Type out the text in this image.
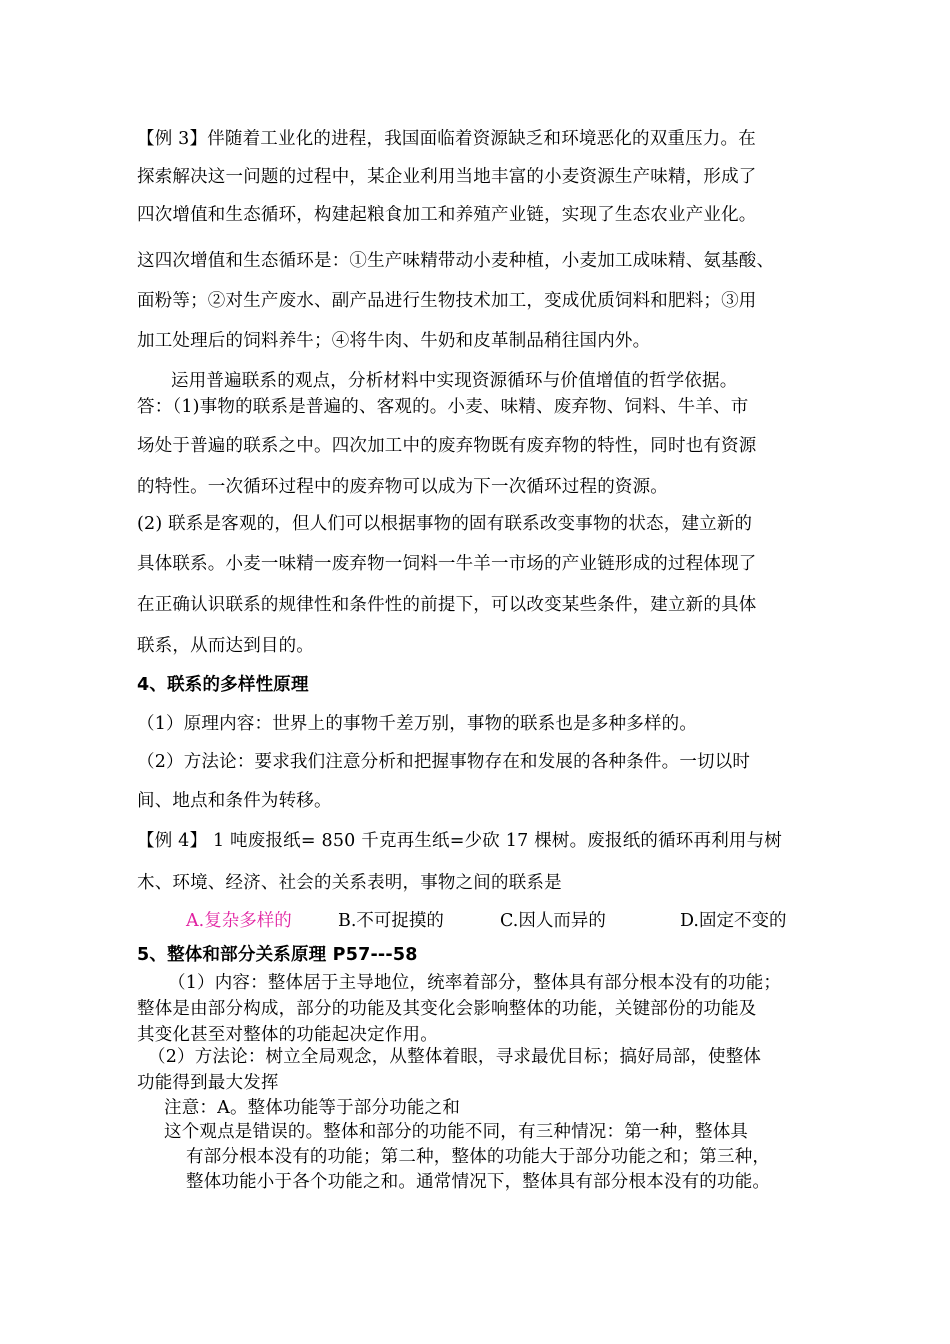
【例 3】伴随着工业化的进程，我国面临着资源缺乏和环境恶化的双重压力。在
探索解决这一问题的过程中，某企业利用当地丰富的小麦资源生产味精，形成了
四次增值和生态循环，构建起粮食加工和养殖产业链，实现了生态农业产业化。
这四次增值和生态循环是：①生产味精带动小麦种植，小麦加工成味精、氨基酸、
面粉等；②对生产废水、副产品进行生物技术加工，变成优质饲料和肥料；③用
加工处理后的饲料养牛；④将牛肉、牛奶和皮革制品稍往国内外。
运用普遍联系的观点，分析材料中实现资源循环与价值增值的哲学依据。
答：（1)事物的联系是普遍的、客观的。小麦、味精、废弃物、饲料、牛羊、市
场处于普遍的联系之中。四次加工中的废弃物既有废弃物的特性，同时也有资源
的特性。一次循环过程中的废弃物可以成为下一次循环过程的资源。
(2) 联系是客观的，但人们可以根据事物的固有联系改变事物的状态，建立新的
具体联系。小麦一味精一废弃物一饲料一牛羊一市场的产业链形成的过程体现了
在正确认识联系的规律性和条件性的前提下，可以改变某些条件，建立新的具体
联系，从而达到目的。
4、联系的多样性原理
（1）原理内容：世界上的事物千差万别，事物的联系也是多种多样的。
（2）方法论：要求我们注意分析和把握事物存在和发展的各种条件。一切以时
间、地点和条件为转移。
【例 4】 1 吨废报纸= 850 千克再生纸=少砍 17 棵树。废报纸的循环再利用与树
木、环境、经济、社会的关系表明，事物之间的联系是
A.复杂多样的	B.不可捉摸的	C.因人而异的	D.固定不变的
5、整体和部分关系原理 P57---58
（1）内容：整体居于主导地位，统率着部分，整体具有部分根本没有的功能；
整体是由部分构成，部分的功能及其变化会影响整体的功能，关键部份的功能及
其变化甚至对整体的功能起决定作用。
（2）方法论：树立全局观念，从整体着眼，寻求最优目标；搞好局部，使整体
功能得到最大发挥
注意：A。整体功能等于部分功能之和
这个观点是错误的。整体和部分的功能不同，有三种情况：第一种，整体具
有部分根本没有的功能；第二种，整体的功能大于部分功能之和；第三种，
整体功能小于各个功能之和。通常情况下，整体具有部分根本没有的功能。
